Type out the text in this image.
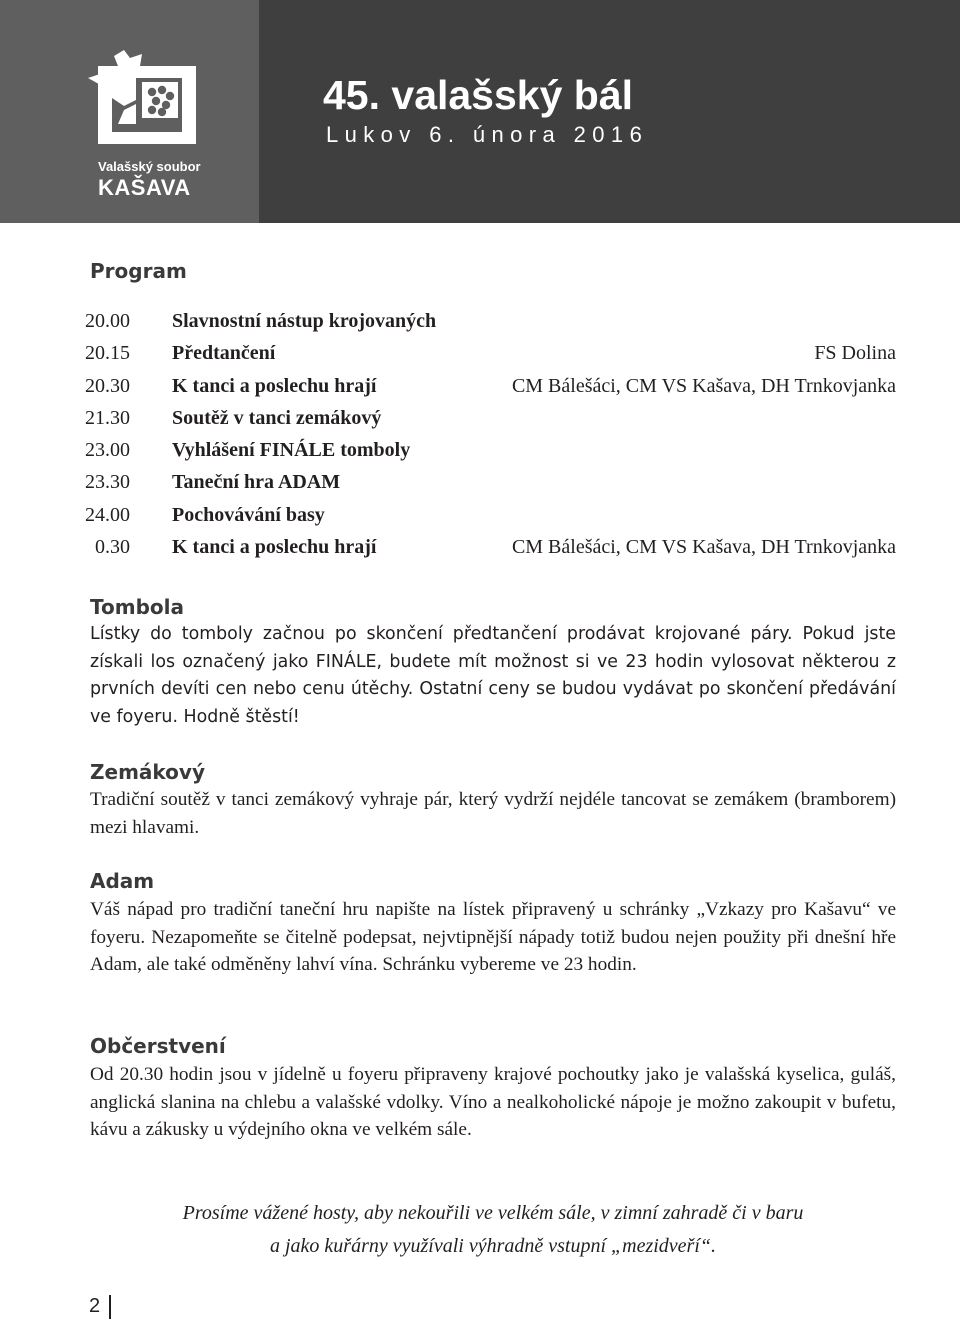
Valašský soubor
KAŠAVA
45. valašský bál
Lukov 6. února 2016
Program
20.00 Slavnostní nástup krojovaných
20.15 Předtančení	FS Dolina
20.30 K tanci a poslechu hrají	CM Bálešáci, CM VS Kašava, DH Trnkovjanka
21.30 Soutěž v tanci zemákový
23.00 Vyhlášení FINÁLE tomboly
23.30 Taneční hra ADAM
24.00 Pochovávání basy
0.30 K tanci a poslechu hrají	CM Bálešáci, CM VS Kašava, DH Trnkovjanka
Tombola

Lístky do tomboly začnou po skončení předtančení prodávat krojované páry. Pokud jste získali los označený jako FINÁLE, budete mít možnost si ve 23 hodin vylosovat některou z prvních devíti cen nebo cenu útěchy. Ostatní ceny se budou vydávat po skončení předávání ve foyeru. Hodně štěstí!

Zemákový

Tradiční soutěž v tanci zemákový vyhraje pár, který vydrží nejdéle tancovat se zemákem (bramborem) mezi hlavami.

Adam

Váš nápad pro tradiční taneční hru napište na lístek připravený u schránky „Vzkazy pro Kašavu“ ve foyeru. Nezapomeňte se čitelně podepsat, nejvtipnější nápady totiž budou nejen použity při dnešní hře Adam, ale také odměněny lahví vína. Schránku vybereme ve 23 hodin.

Občerstvení

Od 20.30 hodin jsou v jídelně u foyeru připraveny krajové pochoutky jako je valašská kyselica, guláš, anglická slanina na chlebu a valašské vdolky. Víno a nealkoholické nápoje je možno zakoupit v bufetu, kávu a zákusky u výdejního okna ve velkém sále.

Prosíme vážené hosty, aby nekouřili ve velkém sále, v zimní zahradě či v baru
a jako kuřárny využívali výhradně vstupní „mezidveří“.

2
